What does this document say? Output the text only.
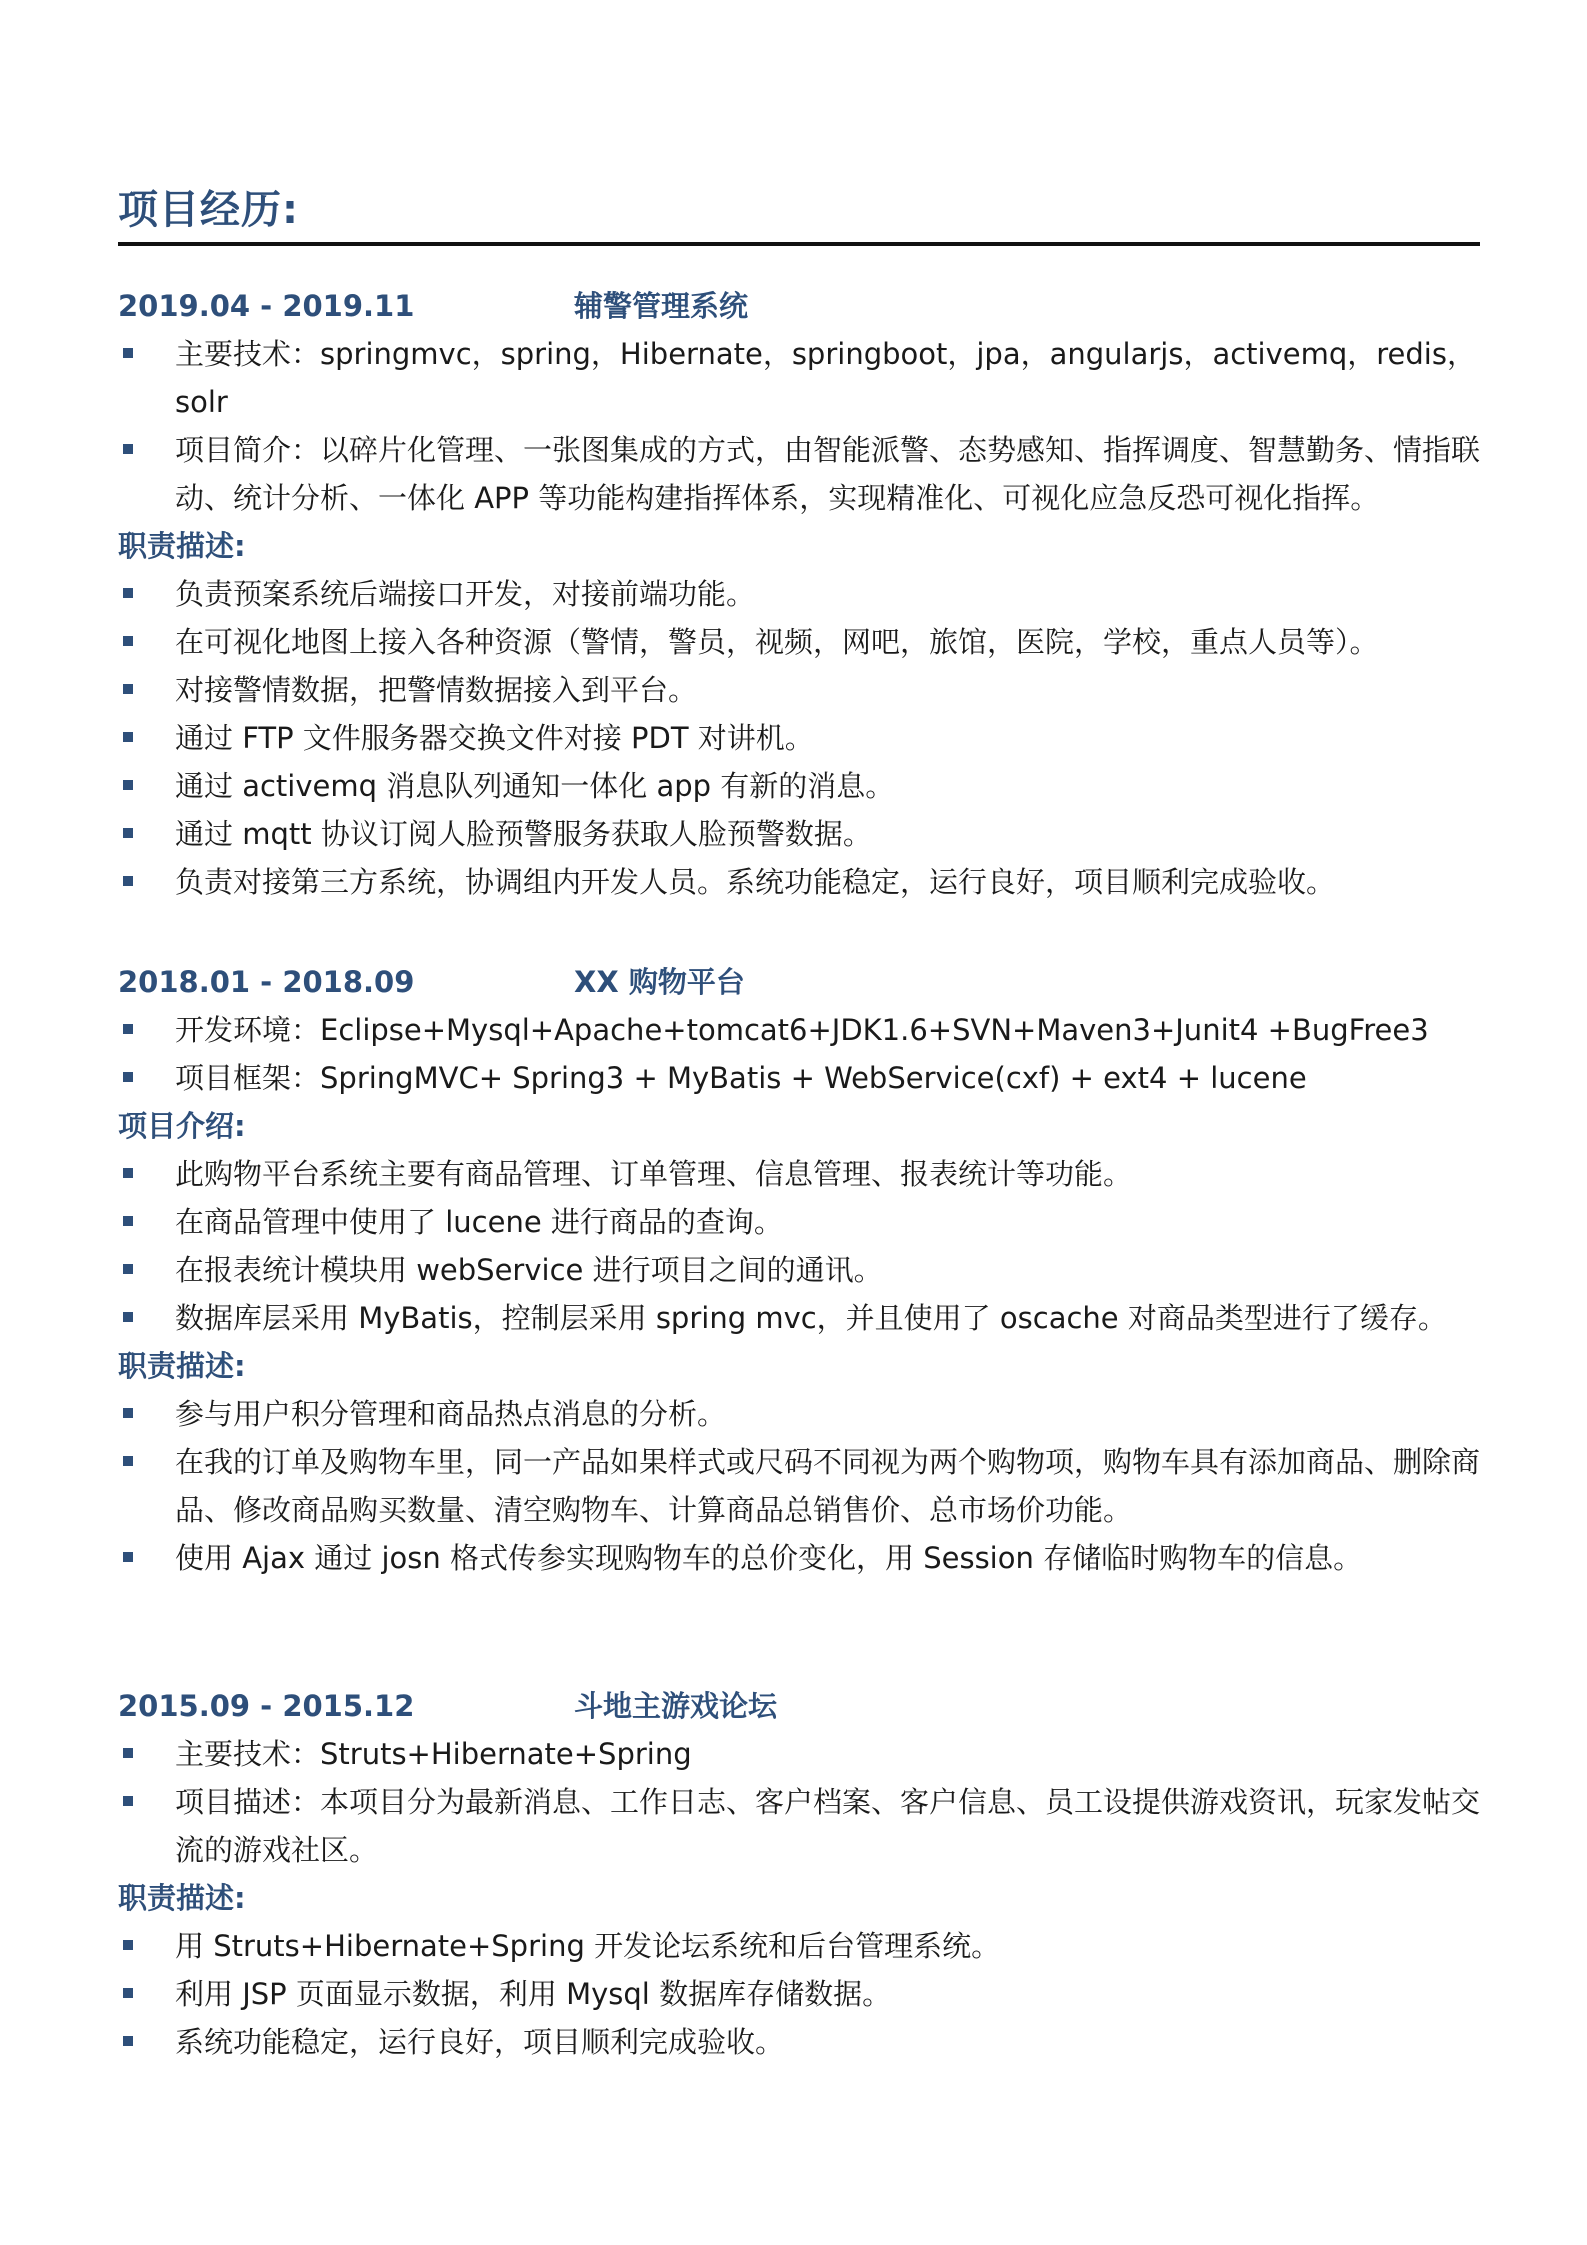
项目经历:
2019.04 - 2019.11	辅警管理系统
主要技术：springmvc，spring，Hibernate，springboot，jpa，angularjs，activemq，redis，solr
项目简介：以碎片化管理、一张图集成的方式，由智能派警、态势感知、指挥调度、智慧勤务、情指联动、统计分析、一体化 APP 等功能构建指挥体系，实现精准化、可视化应急反恐可视化指挥。
职责描述:
负责预案系统后端接口开发，对接前端功能。
在可视化地图上接入各种资源（警情，警员，视频，网吧，旅馆，医院，学校，重点人员等）。
对接警情数据，把警情数据接入到平台。
通过 FTP 文件服务器交换文件对接 PDT 对讲机。
通过 activemq 消息队列通知一体化 app 有新的消息。
通过 mqtt 协议订阅人脸预警服务获取人脸预警数据。
负责对接第三方系统，协调组内开发人员。系统功能稳定，运行良好，项目顺利完成验收。
2018.01 - 2018.09	XX 购物平台
开发环境：Eclipse+Mysql+Apache+tomcat6+JDK1.6+SVN+Maven3+Junit4 +BugFree3
项目框架：SpringMVC+ Spring3 + MyBatis + WebService(cxf) + ext4 + lucene
项目介绍:
此购物平台系统主要有商品管理、订单管理、信息管理、报表统计等功能。
在商品管理中使用了 lucene 进行商品的查询。
在报表统计模块用 webService 进行项目之间的通讯。
数据库层采用 MyBatis，控制层采用 spring mvc，并且使用了 oscache 对商品类型进行了缓存。
职责描述:
参与用户积分管理和商品热点消息的分析。
在我的订单及购物车里，同一产品如果样式或尺码不同视为两个购物项，购物车具有添加商品、删除商品、修改商品购买数量、清空购物车、计算商品总销售价、总市场价功能。
使用 Ajax 通过 josn 格式传参实现购物车的总价变化，用 Session 存储临时购物车的信息。
2015.09 - 2015.12	斗地主游戏论坛
主要技术：Struts+Hibernate+Spring
项目描述：本项目分为最新消息、工作日志、客户档案、客户信息、员工设提供游戏资讯，玩家发帖交流的游戏社区。
职责描述:
用 Struts+Hibernate+Spring 开发论坛系统和后台管理系统。
利用 JSP 页面显示数据，利用 Mysql 数据库存储数据。
系统功能稳定，运行良好，项目顺利完成验收。
